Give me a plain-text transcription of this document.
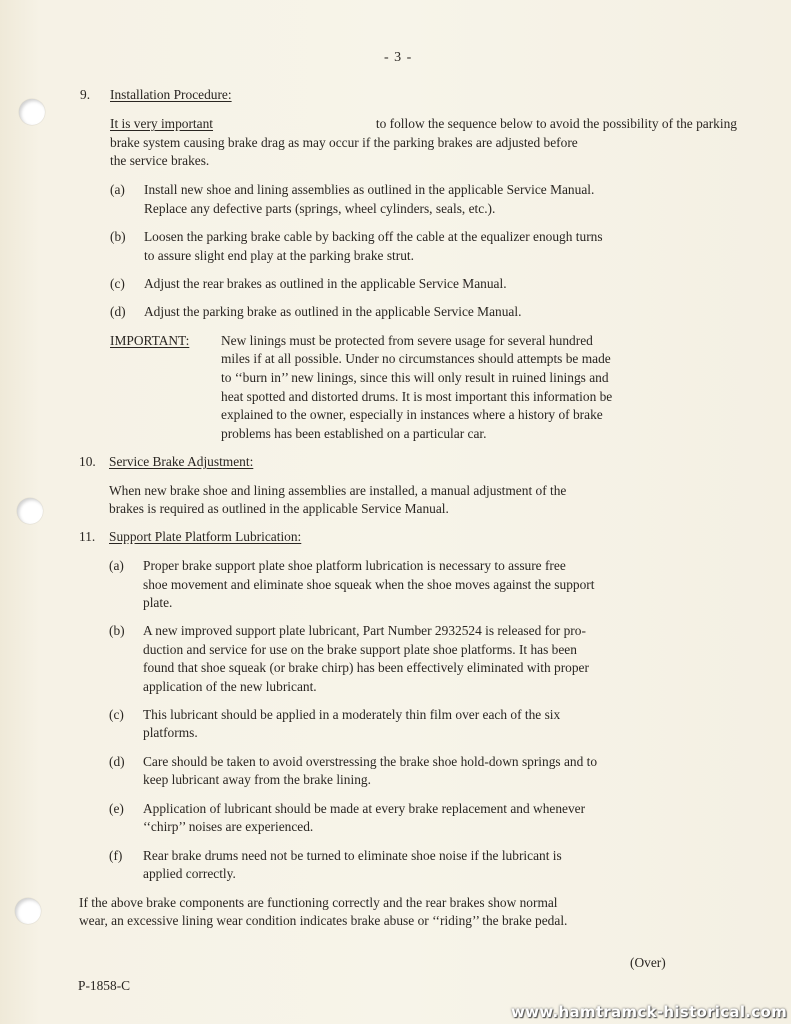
- 3 -
9. Installation Procedure:
It is very important	to follow the sequence below to avoid the possibility of the parking
brake system causing brake drag as may occur if the parking brakes are adjusted before
the service brakes.
(a) Install new shoe and lining assemblies as outlined in the applicable Service Manual.
Replace any defective parts (springs, wheel cylinders, seals, etc.).
(b) Loosen the parking brake cable by backing off the cable at the equalizer enough turns
to assure slight end play at the parking brake strut.
(c) Adjust the rear brakes as outlined in the applicable Service Manual.
(d) Adjust the parking brake as outlined in the applicable Service Manual.
IMPORTANT: New linings must be protected from severe usage for several hundred
miles if at all possible. Under no circumstances should attempts be made
to ‘‘burn in’’ new linings, since this will only result in ruined linings and
heat spotted and distorted drums. It is most important this information be
explained to the owner, especially in instances where a history of brake
problems has been established on a particular car.
10. Service Brake Adjustment:
When new brake shoe and lining assemblies are installed, a manual adjustment of the
brakes is required as outlined in the applicable Service Manual.
11. Support Plate Platform Lubrication:
(a) Proper brake support plate shoe platform lubrication is necessary to assure free
shoe movement and eliminate shoe squeak when the shoe moves against the support
plate.
(b) A new improved support plate lubricant, Part Number 2932524 is released for pro-
duction and service for use on the brake support plate shoe platforms. It has been
found that shoe squeak (or brake chirp) has been effectively eliminated with proper
application of the new lubricant.
(c) This lubricant should be applied in a moderately thin film over each of the six
platforms.
(d) Care should be taken to avoid overstressing the brake shoe hold-down springs and to
keep lubricant away from the brake lining.
(e) Application of lubricant should be made at every brake replacement and whenever
‘‘chirp’’ noises are experienced.
(f) Rear brake drums need not be turned to eliminate shoe noise if the lubricant is
applied correctly.
If the above brake components are functioning correctly and the rear brakes show normal
wear, an excessive lining wear condition indicates brake abuse or ‘‘riding’’ the brake pedal.
(Over)
P-1858-C
www.hamtramck-historical.com
